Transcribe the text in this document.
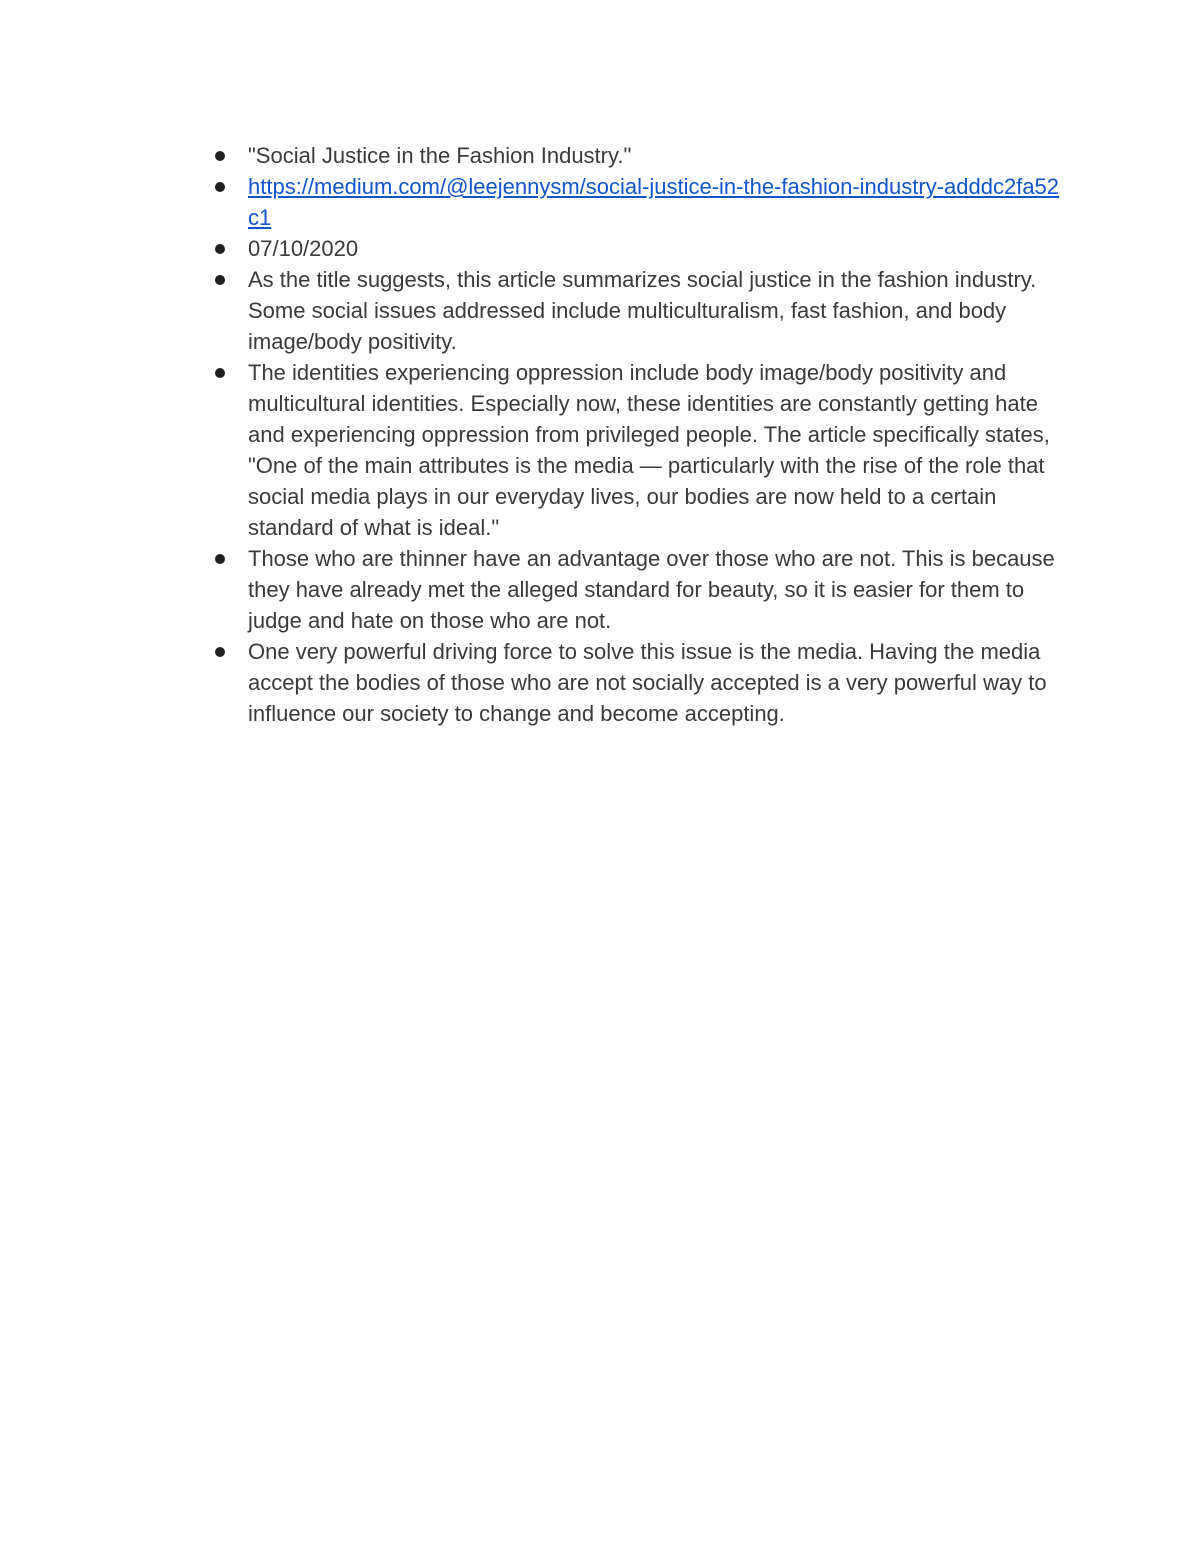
"Social Justice in the Fashion Industry."
https://medium.com/@leejennysm/social-justice-in-the-fashion-industry-adddc2fa52c1
07/10/2020
As the title suggests, this article summarizes social justice in the fashion industry. Some social issues addressed include multiculturalism, fast fashion, and body image/body positivity.
The identities experiencing oppression include body image/body positivity and multicultural identities. Especially now, these identities are constantly getting hate and experiencing oppression from privileged people. The article specifically states, "One of the main attributes is the media — particularly with the rise of the role that social media plays in our everyday lives, our bodies are now held to a certain standard of what is ideal."
Those who are thinner have an advantage over those who are not. This is because they have already met the alleged standard for beauty, so it is easier for them to judge and hate on those who are not.
One very powerful driving force to solve this issue is the media. Having the media accept the bodies of those who are not socially accepted is a very powerful way to influence our society to change and become accepting.
